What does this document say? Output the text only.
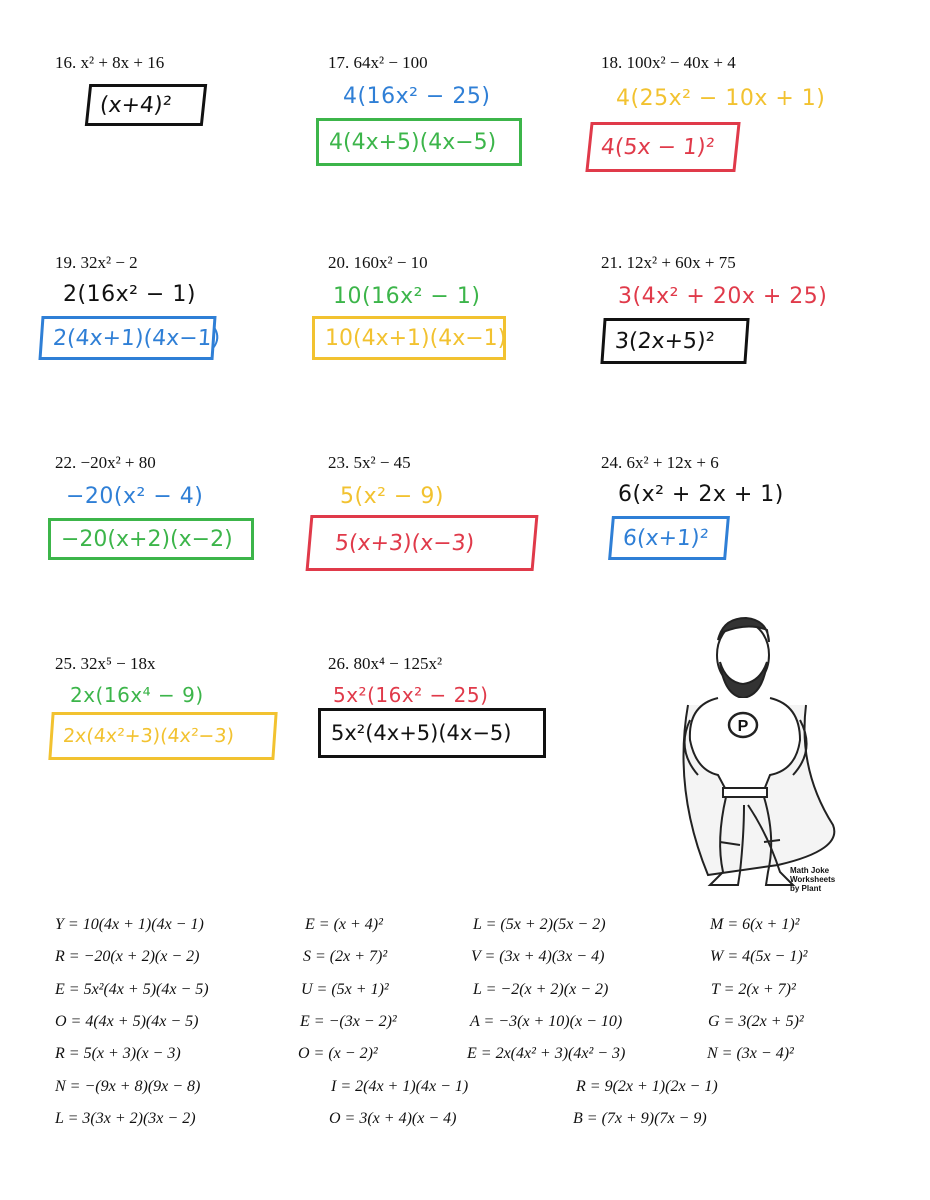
16. x² + 8x + 16
(x+4)²
17. 64x² − 100
4(16x² − 25)
4(4x+5)(4x−5)
18. 100x² − 40x + 4
4(25x² − 10x + 1)
4(5x − 1)²
19. 32x² − 2
2(16x² − 1)
2(4x+1)(4x−1)
20. 160x² − 10
10(16x² − 1)
10(4x+1)(4x−1)
21. 12x² + 60x + 75
3(4x² + 20x + 25)
3(2x+5)²
22. −20x² + 80
−20(x² − 4)
−20(x+2)(x−2)
23. 5x² − 45
5(x² − 9)
5(x+3)(x−3)
24. 6x² + 12x + 6
6(x² + 2x + 1)
6(x+1)²
25. 32x⁵ − 18x
2x(16x⁴ − 9)
2x(4x²+3)(4x²−3)
26. 80x⁴ − 125x²
5x²(16x² − 25)
5x²(4x+5)(4x−5)	P
Math Joke
Worksheets
by Plant
Y = 10(4x + 1)(4x − 1)	E = (x + 4)²	L = (5x + 2)(5x − 2)	M = 6(x + 1)²
R = −20(x + 2)(x − 2)	S = (2x + 7)²	V = (3x + 4)(3x − 4)	W = 4(5x − 1)²
E = 5x²(4x + 5)(4x − 5)	U = (5x + 1)²	L = −2(x + 2)(x − 2)	T = 2(x + 7)²
O = 4(4x + 5)(4x − 5)	E = −(3x − 2)²	A = −3(x + 10)(x − 10)	G = 3(2x + 5)²
R = 5(x + 3)(x − 3)	O = (x − 2)²	E = 2x(4x² + 3)(4x² − 3)	N = (3x − 4)²
N = −(9x + 8)(9x − 8)	I = 2(4x + 1)(4x − 1)	R = 9(2x + 1)(2x − 1)
L = 3(3x + 2)(3x − 2)	O = 3(x + 4)(x − 4)	B = (7x + 9)(7x − 9)
